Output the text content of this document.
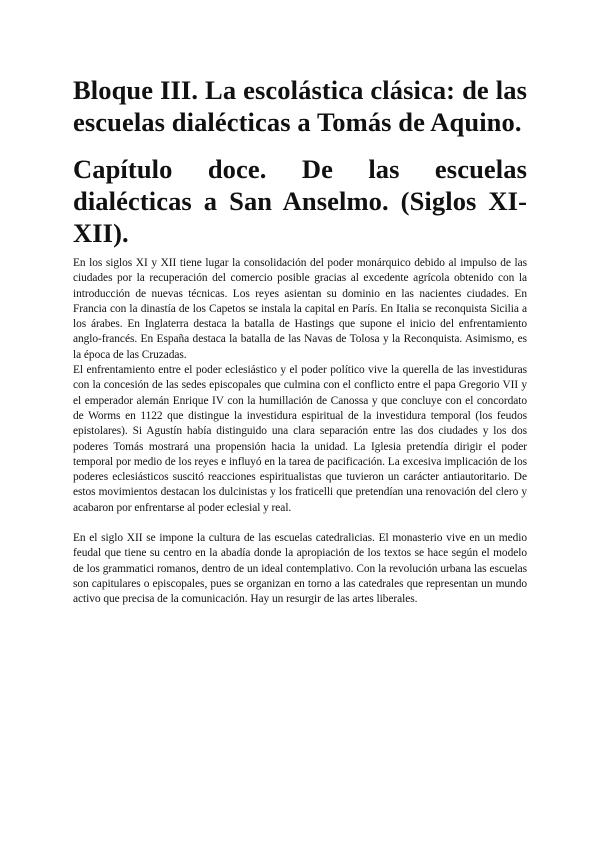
Bloque III. La escolástica clásica: de las escuelas dialécticas a Tomás de Aquino.
Capítulo doce. De las escuelas dialécticas a San Anselmo. (Siglos XI-XII).

En los siglos XI y XII tiene lugar la consolidación del poder monárquico debido al impulso de las ciudades por la recuperación del comercio posible gracias al excedente agrícola obtenido con la introducción de nuevas técnicas. Los reyes asientan su dominio en las nacientes ciudades. En Francia con la dinastía de los Capetos se instala la capital en París. En Italia se reconquista Sicilia a los árabes. En Inglaterra destaca la batalla de Hastings que supone el inicio del enfrentamiento anglo-francés. En España destaca la batalla de las Navas de Tolosa y la Reconquista. Asimismo, es la época de las Cruzadas.

El enfrentamiento entre el poder eclesiástico y el poder político vive la querella de las investiduras con la concesión de las sedes episcopales que culmina con el conflicto entre el papa Gregorio VII y el emperador alemán Enrique IV con la humillación de Canossa y que concluye con el concordato de Worms en 1122 que distingue la investidura espiritual de la investidura temporal (los feudos epistolares). Si Agustín había distinguido una clara separación entre las dos ciudades y los dos poderes Tomás mostrará una propensión hacia la unidad. La Iglesia pretendía dirigir el poder temporal por medio de los reyes e influyó en la tarea de pacificación. La excesiva implicación de los poderes eclesiásticos suscitó reacciones espiritualistas que tuvieron un carácter antiautoritario. De estos movimientos destacan los dulcinistas y los fraticelli que pretendían una renovación del clero y acabaron por enfrentarse al poder eclesial y real.

En el siglo XII se impone la cultura de las escuelas catedralicias. El monasterio vive en un medio feudal que tiene su centro en la abadía donde la apropiación de los textos se hace según el modelo de los grammatici romanos, dentro de un ideal contemplativo. Con la revolución urbana las escuelas son capitulares o episcopales, pues se organizan en torno a las catedrales que representan un mundo activo que precisa de la comunicación. Hay un resurgir de las artes liberales.
